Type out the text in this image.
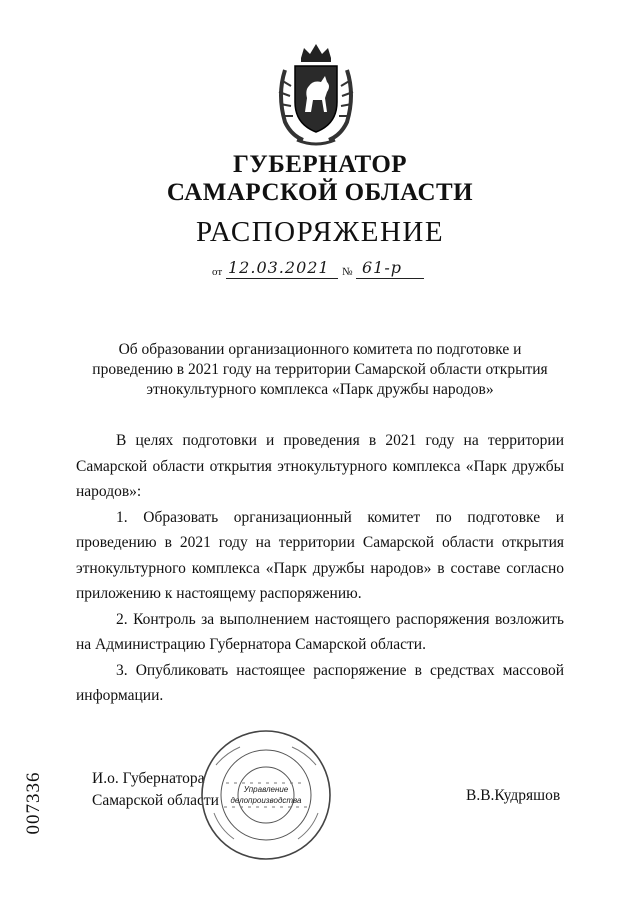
ГУБЕРНАТОР
САМАРСКОЙ ОБЛАСТИ
РАСПОРЯЖЕНИЕ
от 12.03.2021 № 61-р
Об образовании организационного комитета по подготовке и проведению в 2021 году на территории Самарской области открытия этнокультурного комплекса «Парк дружбы народов»

В целях подготовки и проведения в 2021 году на территории Самарской области открытия этнокультурного комплекса «Парк дружбы народов»:

1. Образовать организационный комитет по подготовке и проведению в 2021 году на территории Самарской области открытия этнокультурного комплекса «Парк дружбы народов» в составе согласно приложению к настоящему распоряжению.

2. Контроль за выполнением настоящего распоряжения возложить на Администрацию Губернатора Самарской области.

3. Опубликовать настоящее распоряжение в средствах массовой информации.

И.о. Губернатора
Самарской области	В.В.Кудряшов
Управление
делопроизводства
007336
